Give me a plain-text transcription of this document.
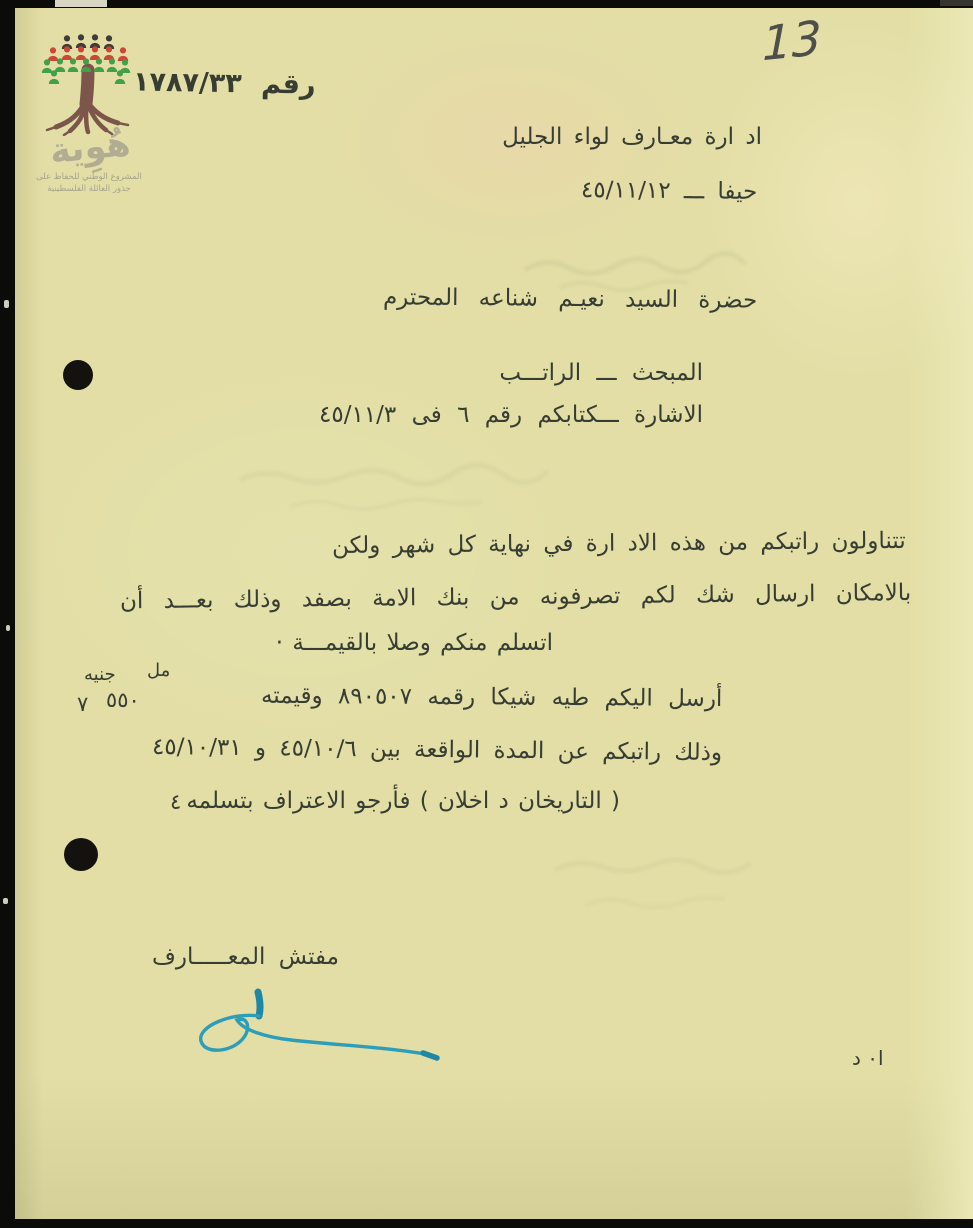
هُوِية
المشروع الوطني للحفاظ على
جذور العائلة الفلسطينية
13
رقم ١٧٨٧/٣٣
اد ارة معـارف لواء الجليل
حيفا ـــ ٤٥/١١/١٢
حضرة السيد نعيـم شناعه المحترم
المبحث ـــ الراتـــب
الاشارة ـــكتابكم رقم ٦ فى ٤٥/١١/٣
تتناولون راتبكم من هذه الاد ارة في نهاية كل شهر ولكن
بالامكان ارسال شك لكم تصرفونه من بنك الامة بصفد وذلك بعـــد أن
اتسلم منكم وصلا بالقيمـــة ·
مل
جنيه
٥٥٠
٧	أرسل اليكم طيه شيكا رقمه ٨٩٠٥٠٧ وقيمته
وذلك راتبكم عن المدة الواقعة بين ٤٥/١٠/٦ و ٤٥/١٠/٣١
( التاريخان د اخلان ) فأرجو الاعتراف بتسلمه
٤
مفتش المعـــــارف
ا٠ د
